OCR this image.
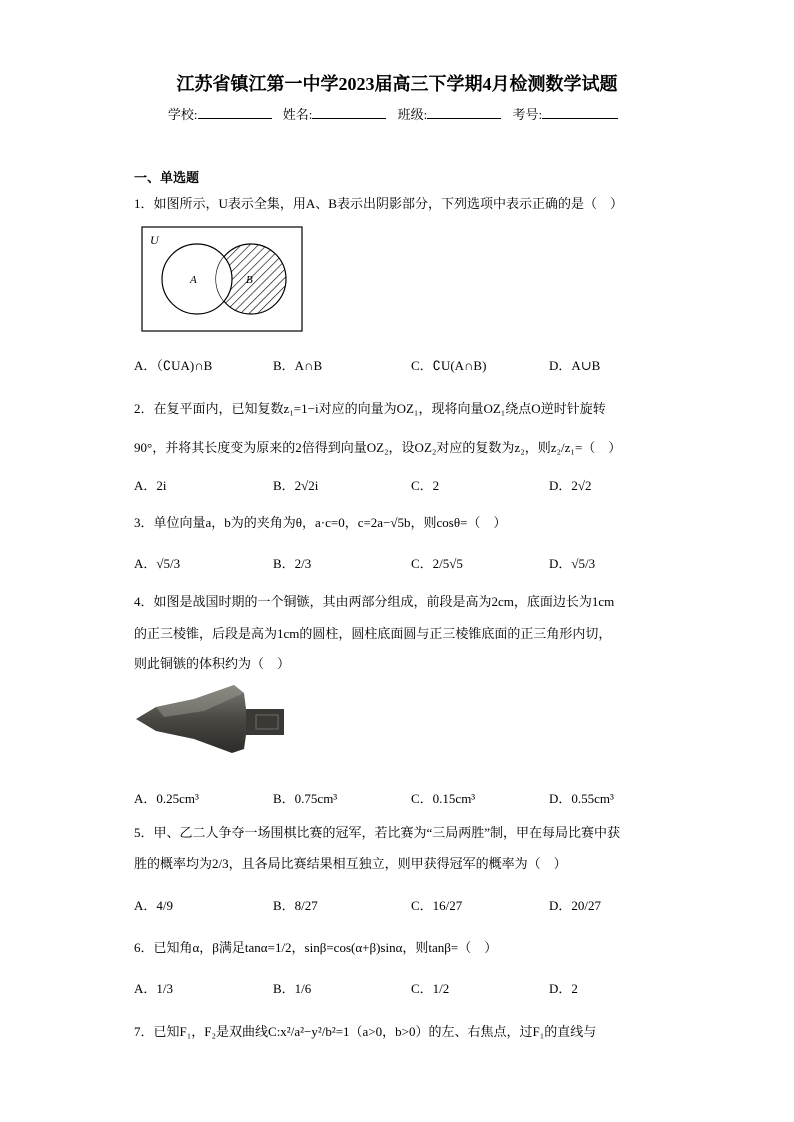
江苏省镇江第一中学2023届高三下学期4月检测数学试题
学校:	姓名:	班级:	考号:
一、单选题
1．如图所示，U表示全集，用A、B表示出阴影部分，下列选项中表示正确的是（　）
U
A	B
A．（∁UA)∩B	B．A∩B	C．∁U(A∩B)	D．A∪B
2．在复平面内，已知复数z₁=1−i对应的向量为OZ₁，现将向量OZ₁绕点O逆时针旋转
90°，并将其长度变为原来的2倍得到向量OZ₂，设OZ₂对应的复数为z₂，则z₂/z₁=（　）
A．2i	B．2√2i	C．2	D．2√2
3．单位向量a，b为的夹角为θ，a·c=0，c=2a−√5b，则cosθ=（　）
A．√5/3	B．2/3	C．2/5√5	D．√5/3
4．如图是战国时期的一个铜镞，其由两部分组成，前段是高为2cm，底面边长为1cm
的正三棱锥，后段是高为1cm的圆柱，圆柱底面圆与正三棱锥底面的正三角形内切，
则此铜镞的体积约为（　）
A．0.25cm³	B．0.75cm³	C．0.15cm³	D．0.55cm³
5．甲、乙二人争夺一场围棋比赛的冠军，若比赛为“三局两胜”制，甲在每局比赛中获
胜的概率均为2/3，且各局比赛结果相互独立，则甲获得冠军的概率为（　）
A．4/9	B．8/27	C．16/27	D．20/27
6．已知角α，β满足tanα=1/2，sinβ=cos(α+β)sinα，则tanβ=（　）
A．1/3	B．1/6	C．1/2	D．2
7．已知F₁，F₂是双曲线C:x²/a²−y²/b²=1（a>0，b>0）的左、右焦点，过F₁的直线与
